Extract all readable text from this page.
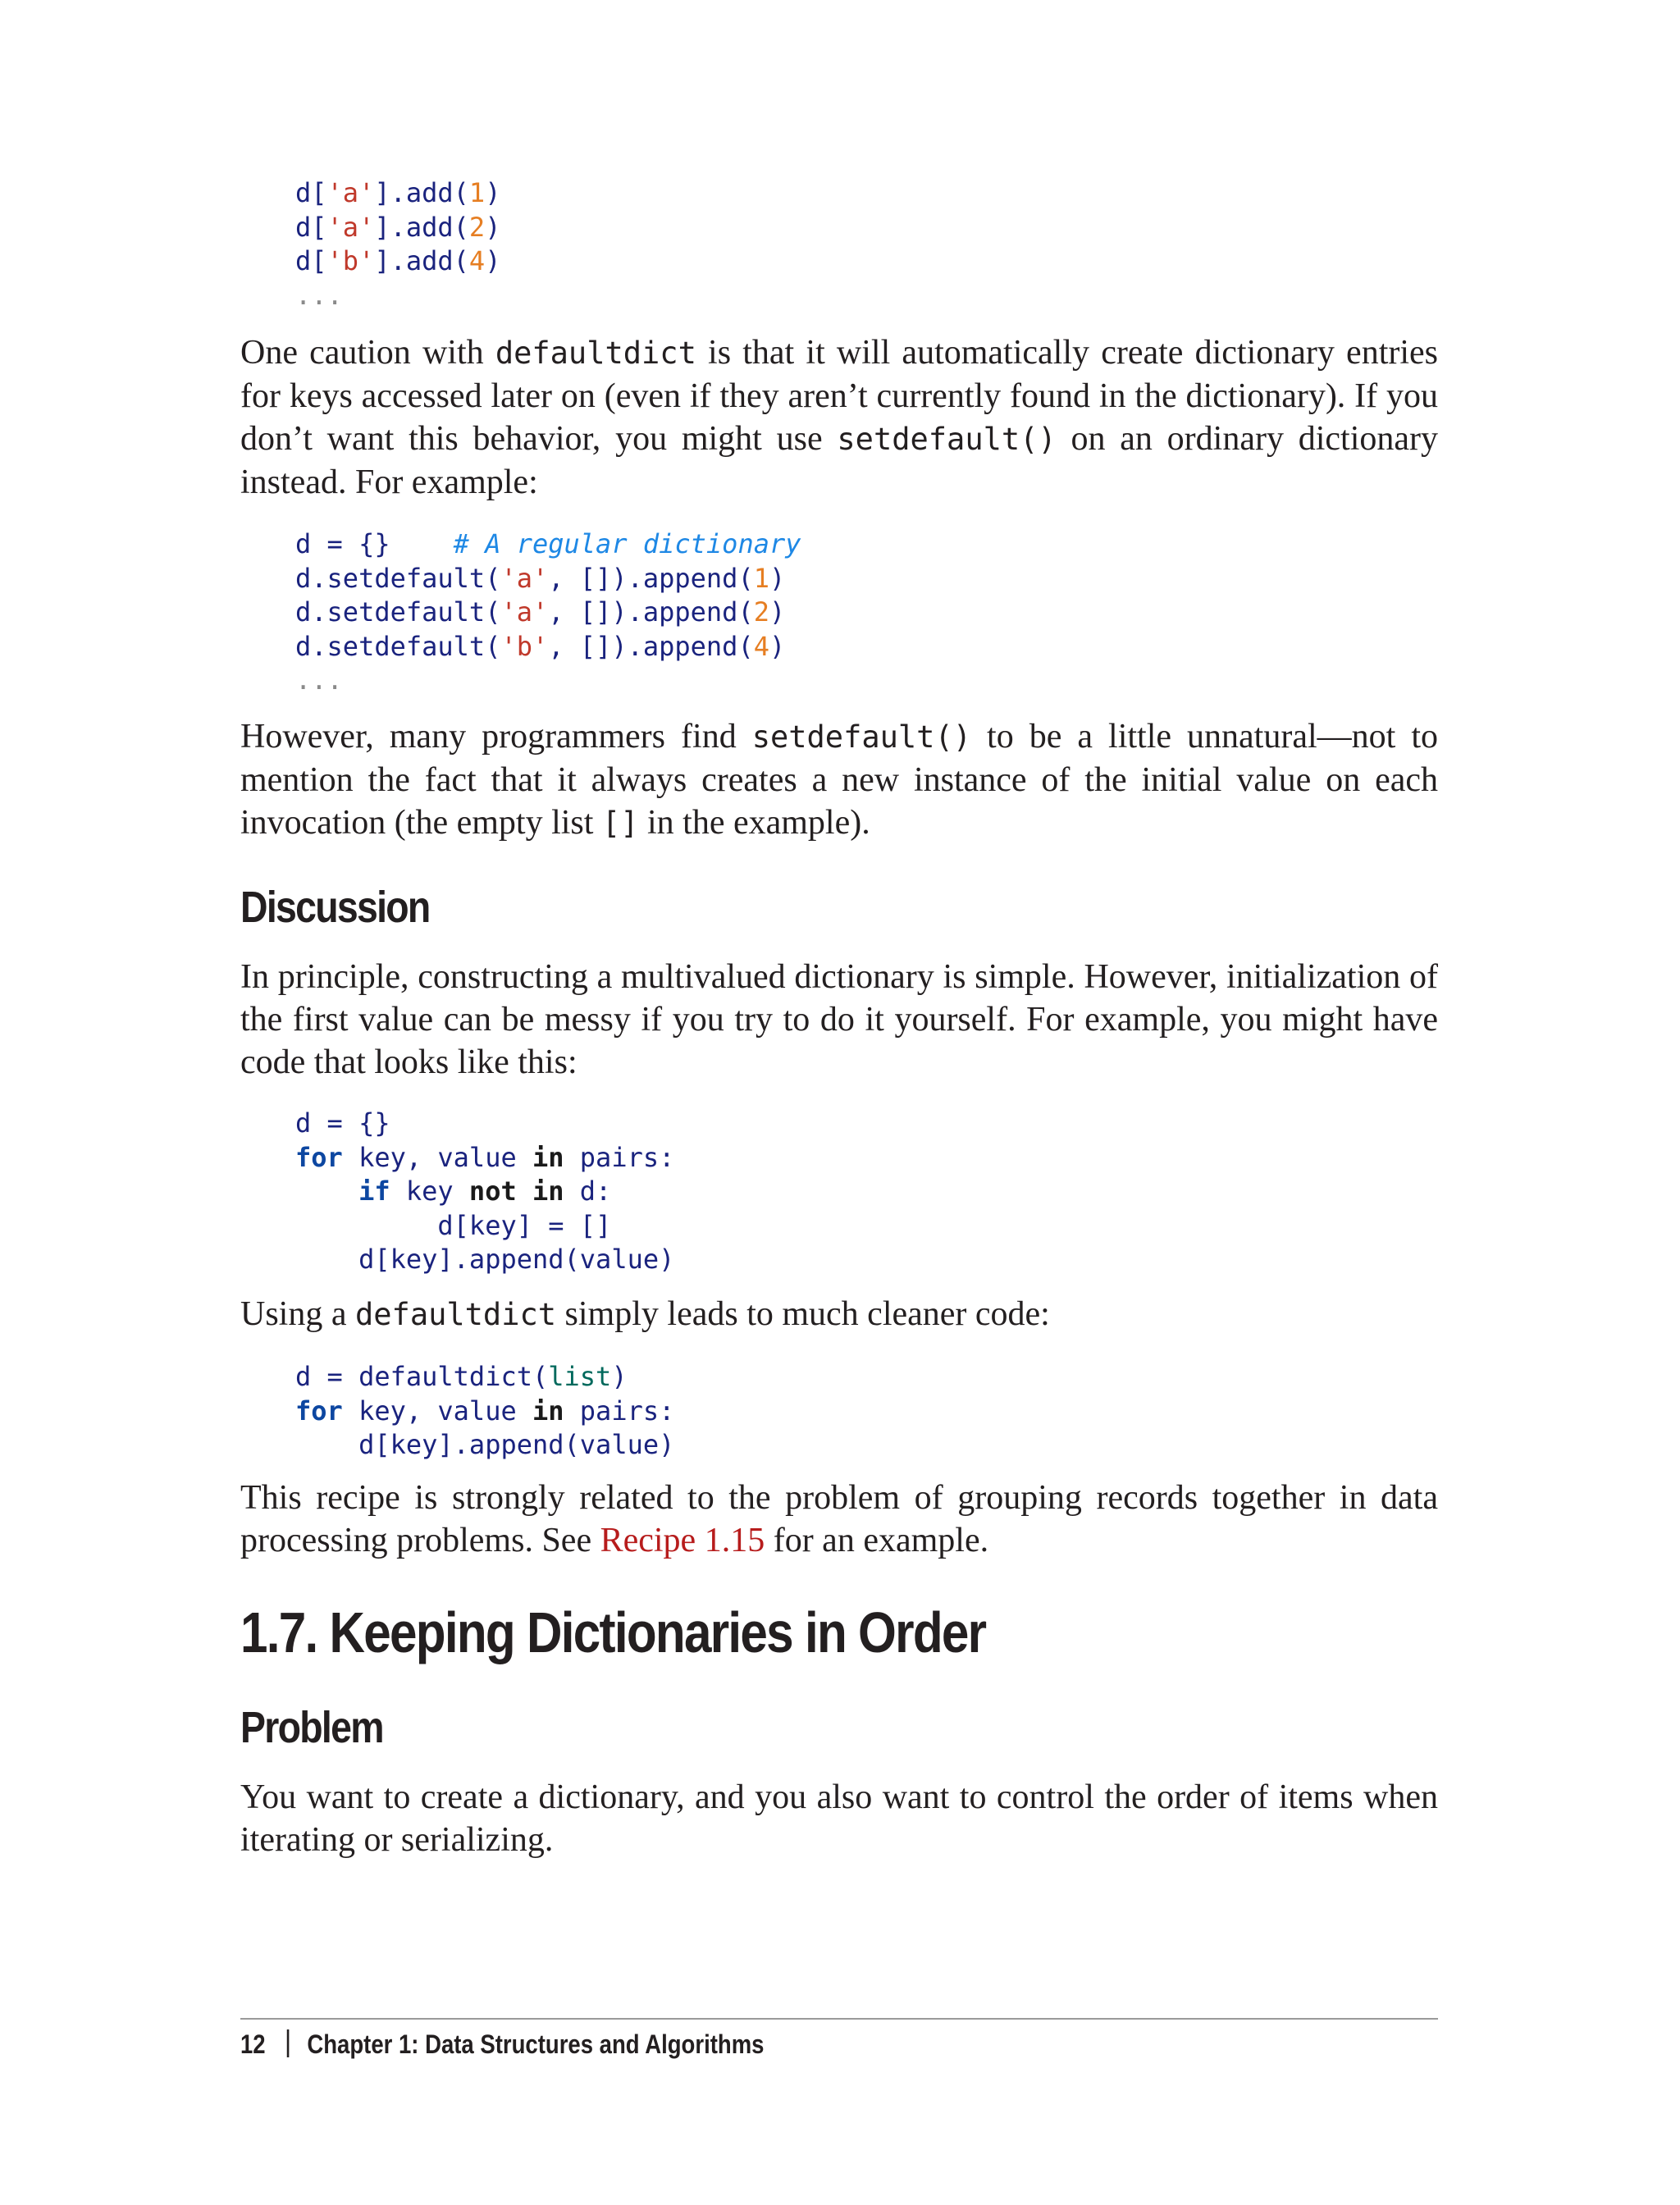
d['a'].add(1)
d['a'].add(2)
d['b'].add(4)
...

One caution with defaultdict is that it will automatically create dictionary entries for keys accessed later on (even if they aren’t currently found in the dictionary). If you don’t want this behavior, you might use setdefault() on an ordinary dictionary instead. For example:

d = {} # A regular dictionary
d.setdefault('a', []).append(1)
d.setdefault('a', []).append(2)
d.setdefault('b', []).append(4)
...

However, many programmers find setdefault() to be a little unnatural—not to mention the fact that it always creates a new instance of the initial value on each invocation (the empty list [] in the example).

Discussion

In principle, constructing a multivalued dictionary is simple. However, initialization of the first value can be messy if you try to do it yourself. For example, you might have code that looks like this:

d = {}
for key, value in pairs:
if key not in d:
d[key] = []
d[key].append(value)

Using a defaultdict simply leads to much cleaner code:

d = defaultdict(list)
for key, value in pairs:
d[key].append(value)

This recipe is strongly related to the problem of grouping records together in data processing problems. See Recipe 1.15 for an example.

1.7. Keeping Dictionaries in Order
Problem

You want to create a dictionary, and you also want to control the order of items when iterating or serializing.

12 Chapter 1: Data Structures and Algorithms
